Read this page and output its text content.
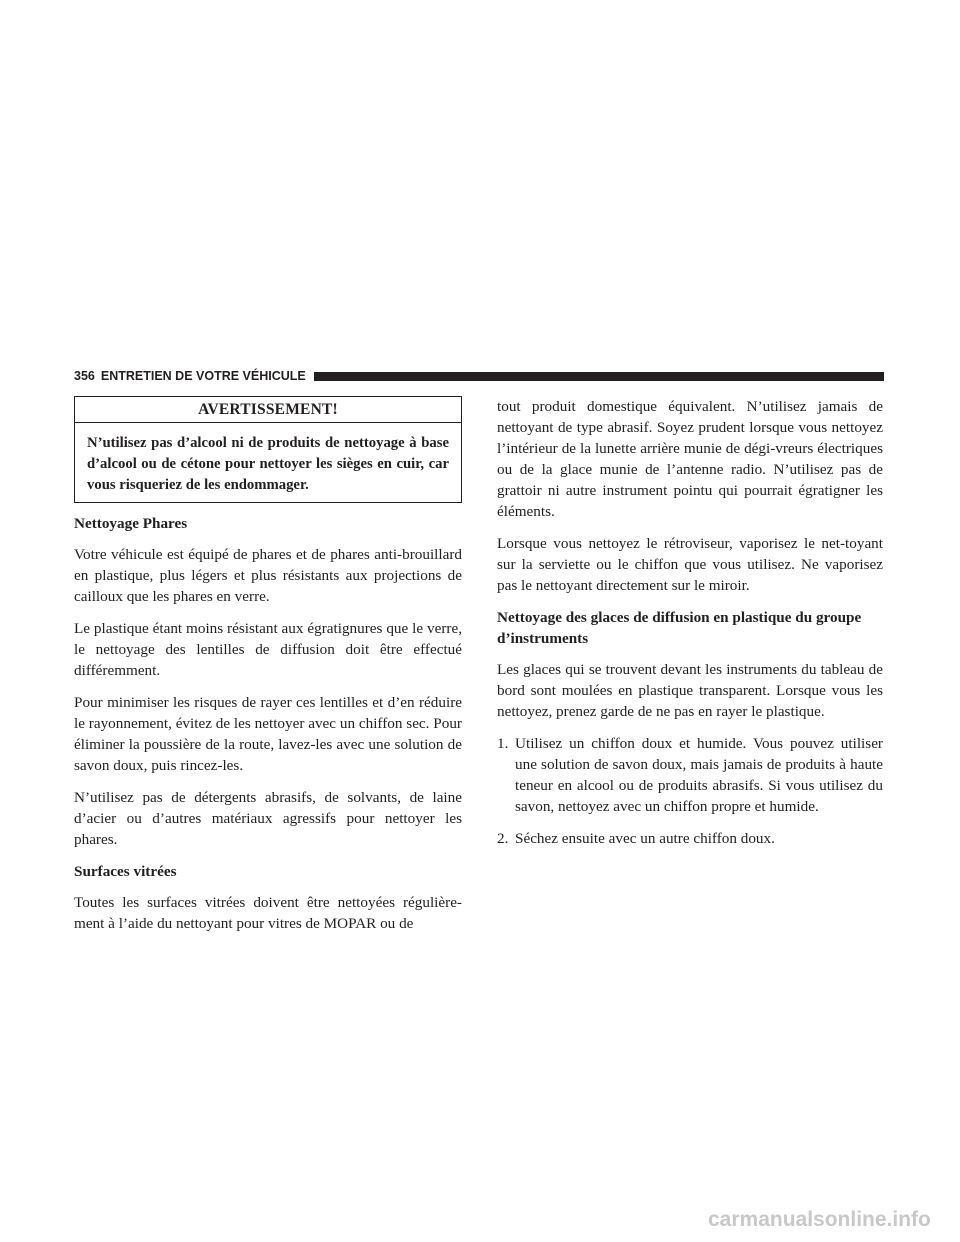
356 ENTRETIEN DE VOTRE VÉHICULE
AVERTISSEMENT!
N’utilisez pas d’alcool ni de produits de nettoyage à base d’alcool ou de cétone pour nettoyer les sièges en cuir, car vous risqueriez de les endommager.
Nettoyage Phares

Votre véhicule est équipé de phares et de phares anti-brouillard en plastique, plus légers et plus résistants aux projections de cailloux que les phares en verre.

Le plastique étant moins résistant aux égratignures que le verre, le nettoyage des lentilles de diffusion doit être effectué différemment.

Pour minimiser les risques de rayer ces lentilles et d’en réduire le rayonnement, évitez de les nettoyer avec un chiffon sec. Pour éliminer la poussière de la route, lavez-les avec une solution de savon doux, puis rincez-les.

N’utilisez pas de détergents abrasifs, de solvants, de laine d’acier ou d’autres matériaux agressifs pour nettoyer les phares.

Surfaces vitrées

Toutes les surfaces vitrées doivent être nettoyées régulière-ment à l’aide du nettoyant pour vitres de MOPAR ou de

tout produit domestique équivalent. N’utilisez jamais de nettoyant de type abrasif. Soyez prudent lorsque vous nettoyez l’intérieur de la lunette arrière munie de dégi-vreurs électriques ou de la glace munie de l’antenne radio. N’utilisez pas de grattoir ni autre instrument pointu qui pourrait égratigner les éléments.

Lorsque vous nettoyez le rétroviseur, vaporisez le net-toyant sur la serviette ou le chiffon que vous utilisez. Ne vaporisez pas le nettoyant directement sur le miroir.

Nettoyage des glaces de diffusion en plastique du groupe d’instruments

Les glaces qui se trouvent devant les instruments du tableau de bord sont moulées en plastique transparent. Lorsque vous les nettoyez, prenez garde de ne pas en rayer le plastique.

1. Utilisez un chiffon doux et humide. Vous pouvez utiliser une solution de savon doux, mais jamais de produits à haute teneur en alcool ou de produits abrasifs. Si vous utilisez du savon, nettoyez avec un chiffon propre et humide.
2. Séchez ensuite avec un autre chiffon doux.
carmanualsonline.info
